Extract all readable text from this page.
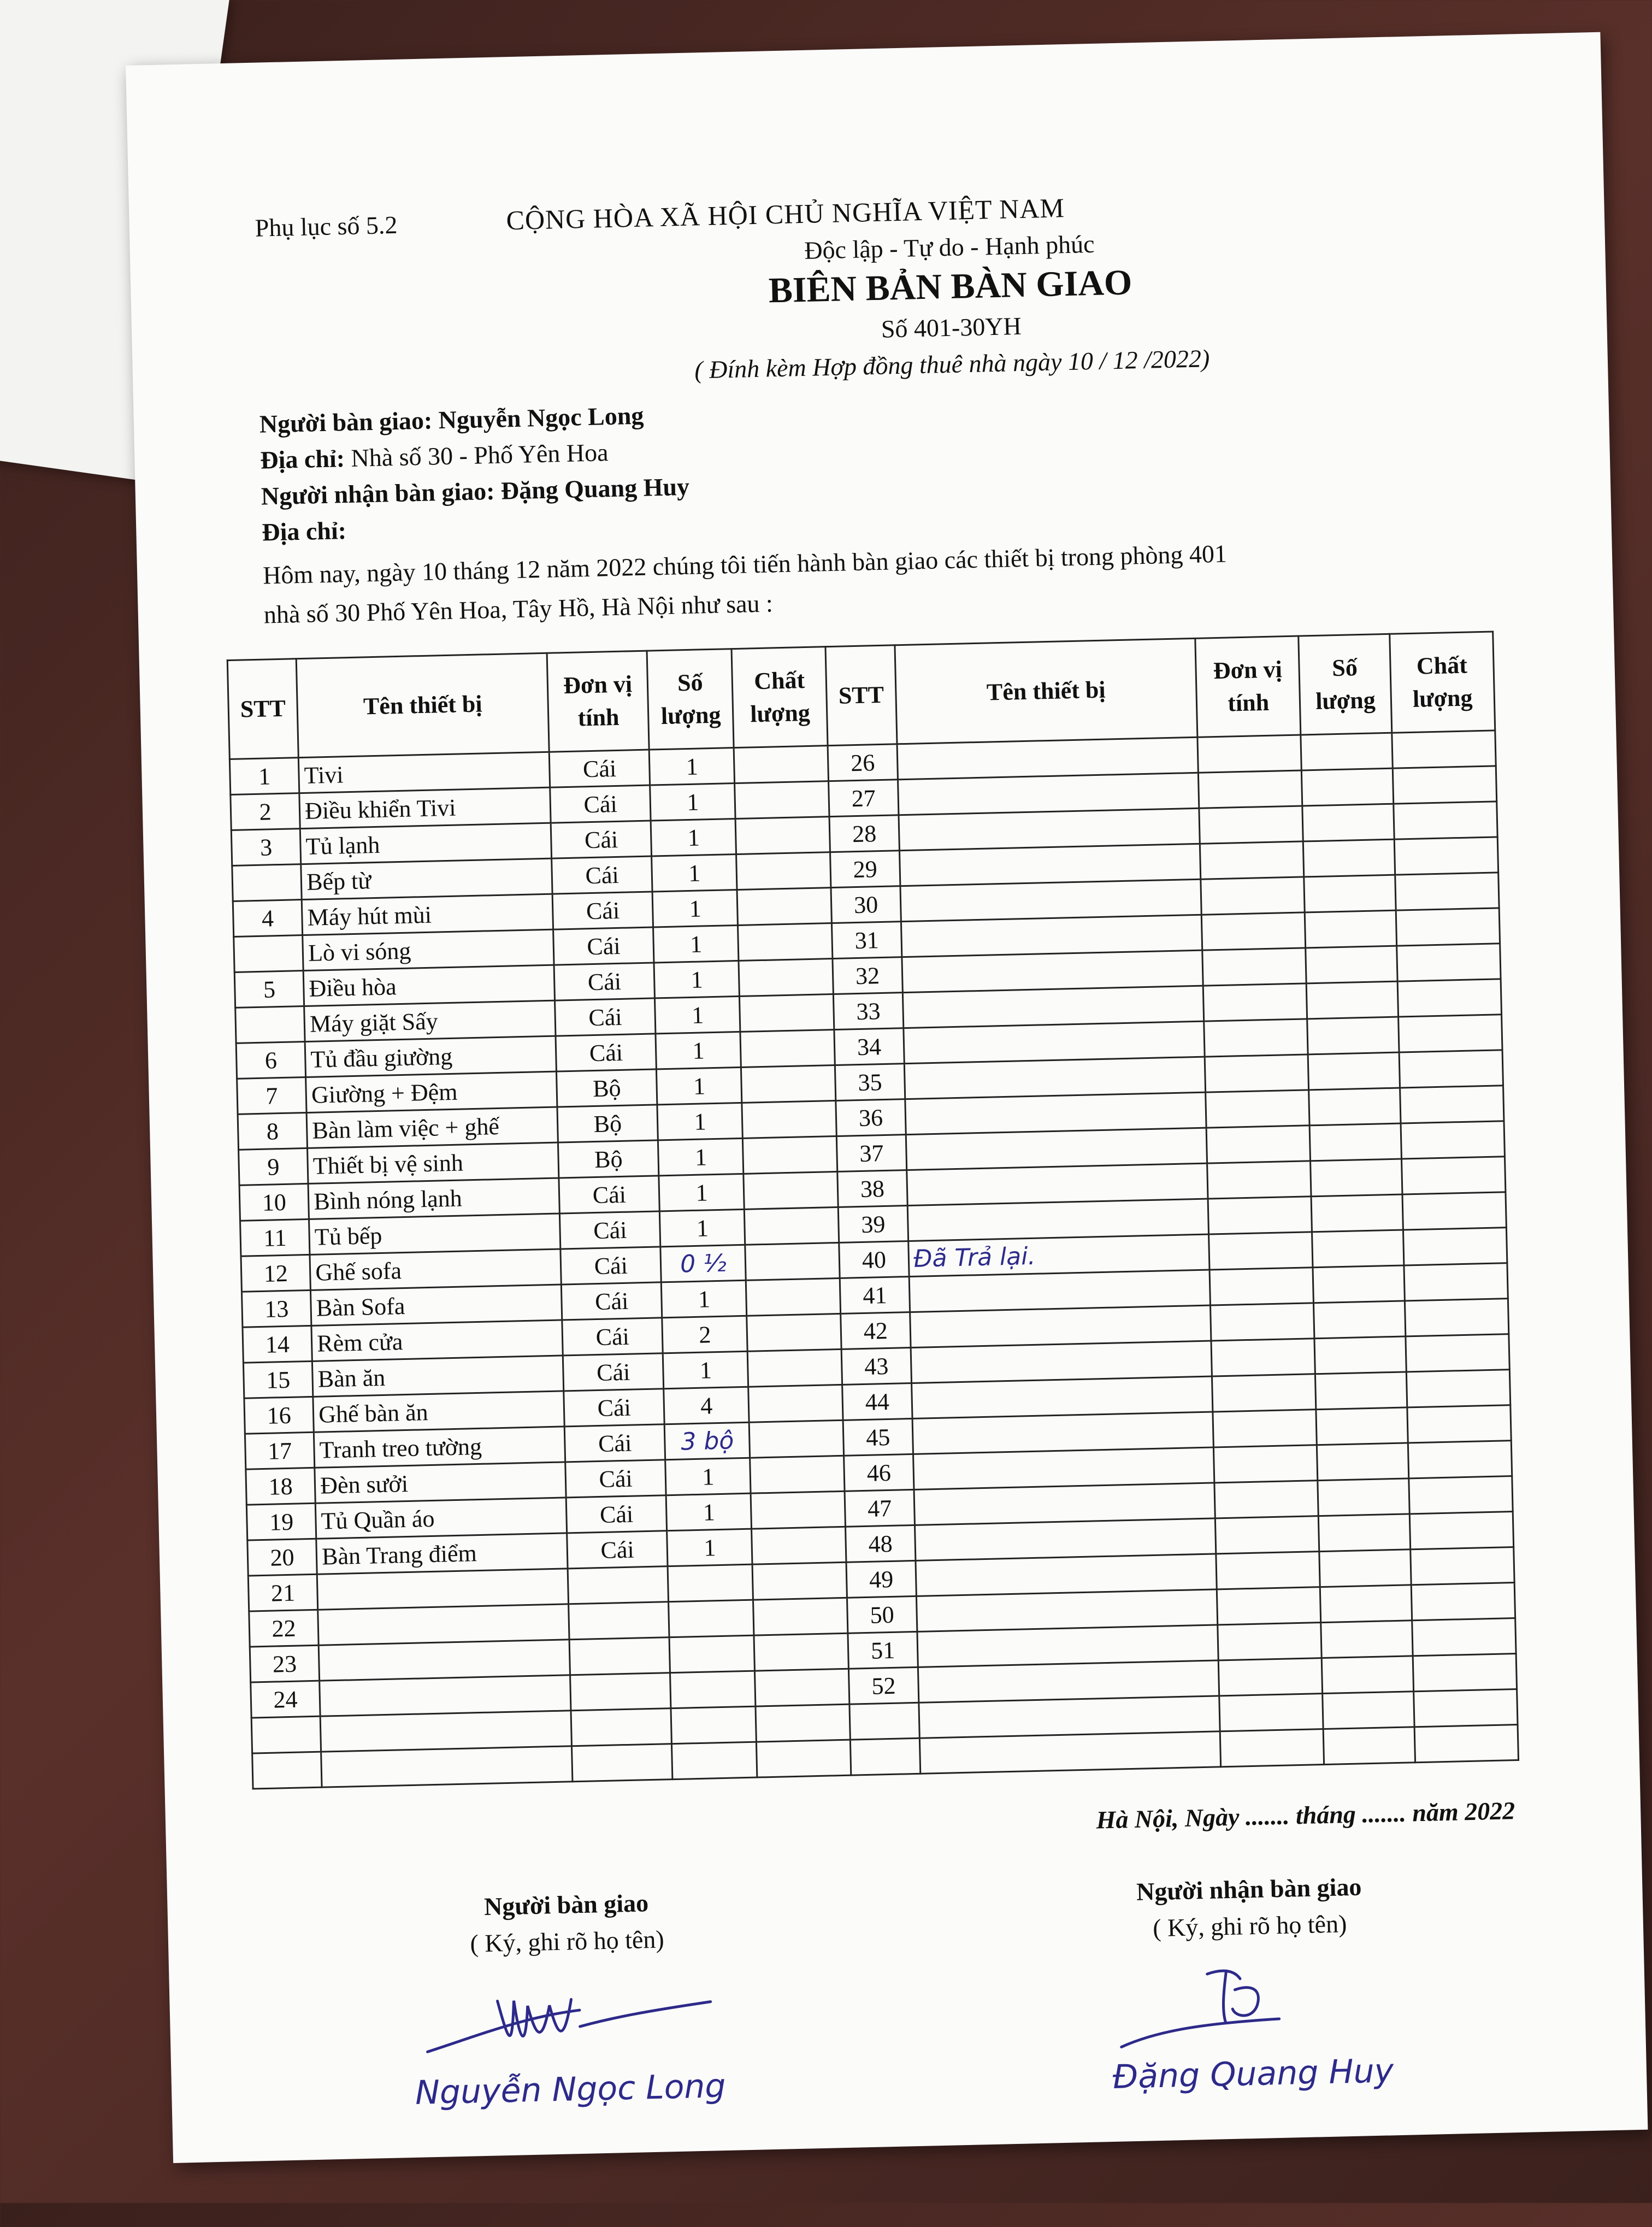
Phụ lục số 5.2	CỘNG HÒA XÃ HỘI CHỦ NGHĨA VIỆT NAM
Độc lập - Tự do - Hạnh phúc
BIÊN BẢN BÀN GIAO
Số 401-30YH
( Đính kèm Hợp đồng thuê nhà ngày 10 / 12 /2022)
Người bàn giao: Nguyễn Ngọc Long
Địa chỉ: Nhà số 30 - Phố Yên Hoa
Người nhận bàn giao: Đặng Quang Huy
Địa chỉ:
Hôm nay, ngày 10 tháng 12 năm 2022 chúng tôi tiến hành bàn giao các thiết bị trong phòng 401
nhà số 30 Phố Yên Hoa, Tây Hồ, Hà Nội như sau :
STT	Tên thiết bị	Đơn vị tính	Số lượng	Chất lượng	STT	Tên thiết bị	Đơn vị tính	Số lượng	Chất lượng
1	Tivi	Cái	1		26				
2	Điều khiển Tivi	Cái	1		27				
3	Tủ lạnh	Cái	1		28				
	Bếp từ	Cái	1		29				
4	Máy hút mùi	Cái	1		30				
	Lò vi sóng	Cái	1		31				
5	Điều hòa	Cái	1		32				
	Máy giặt Sấy	Cái	1		33				
6	Tủ đầu giường	Cái	1		34				
7	Giường + Đệm	Bộ	1		35				
8	Bàn làm việc + ghế	Bộ	1		36				
9	Thiết bị vệ sinh	Bộ	1		37				
10	Bình nóng lạnh	Cái	1		38				
11	Tủ bếp	Cái	1		39				
12	Ghế sofa	Cái	0 ½		40	Đã Trả lại.			
13	Bàn Sofa	Cái	1		41				
14	Rèm cửa	Cái	2		42				
15	Bàn ăn	Cái	1		43				
16	Ghế bàn ăn	Cái	4		44				
17	Tranh treo tường	Cái	3 bộ		45				
18	Đèn sưởi	Cái	1		46				
19	Tủ Quần áo	Cái	1		47				
20	Bàn Trang điểm	Cái	1		48				
21					49				
22					50				
23					51				
24					52				

Hà Nội, Ngày ....... tháng ....... năm 2022
Người bàn giao
( Ký, ghi rõ họ tên)
Nguyễn Ngọc Long
Người nhận bàn giao
( Ký, ghi rõ họ tên)
Đặng Quang Huy
